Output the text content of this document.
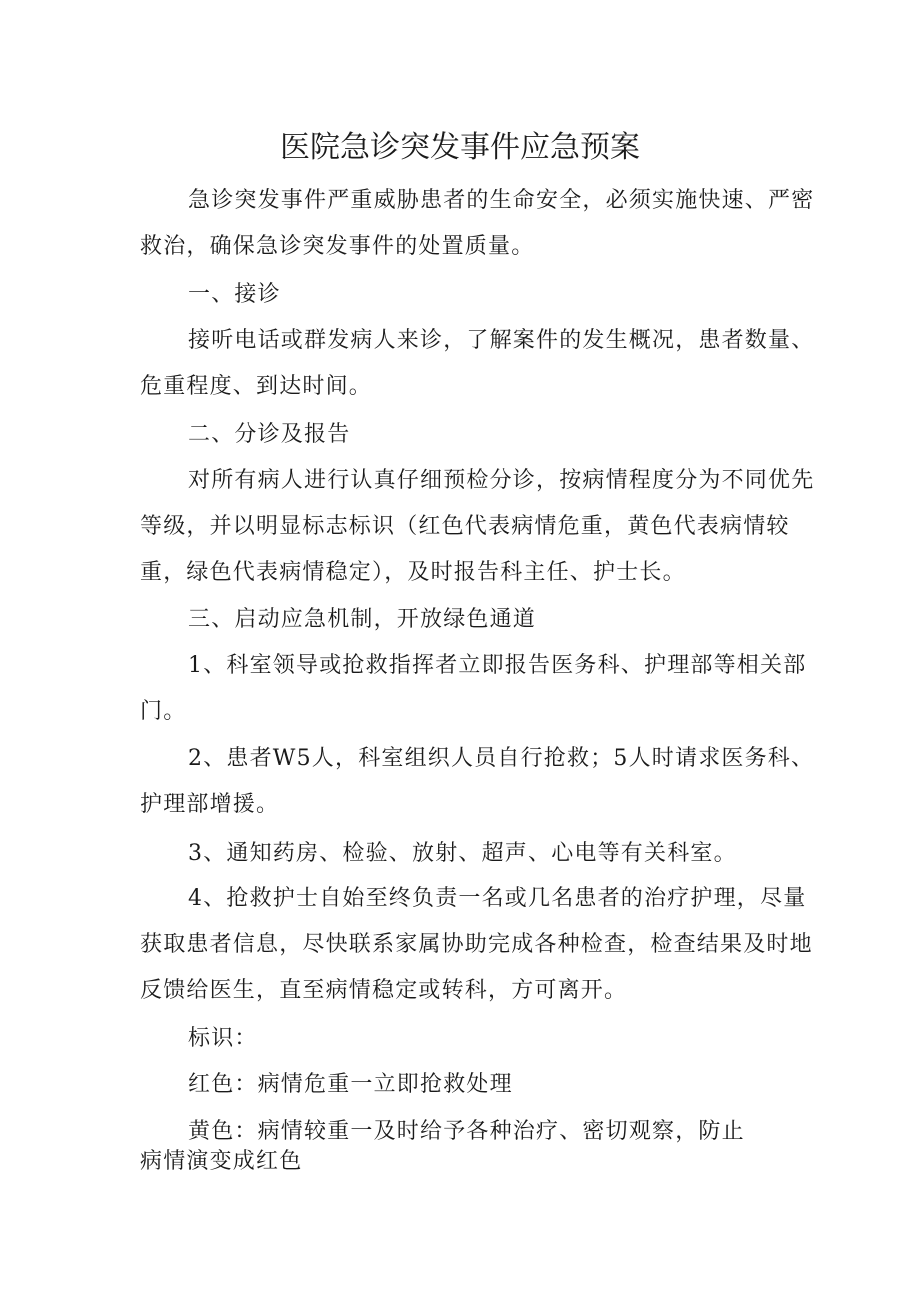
医院急诊突发事件应急预案
急诊突发事件严重威胁患者的生命安全，必须实施快速、严密救治，确保急诊突发事件的处置质量。
一、接诊
接听电话或群发病人来诊，了解案件的发生概况，患者数量、危重程度、到达时间。
二、分诊及报告
对所有病人进行认真仔细预检分诊，按病情程度分为不同优先等级，并以明显标志标识（红色代表病情危重，黄色代表病情较重，绿色代表病情稳定），及时报告科主任、护士长。
三、启动应急机制，开放绿色通道
1、科室领导或抢救指挥者立即报告医务科、护理部等相关部门。
2、患者W5人，科室组织人员自行抢救；5人时请求医务科、护理部增援。
3、通知药房、检验、放射、超声、心电等有关科室。
4、抢救护士自始至终负责一名或几名患者的治疗护理，尽量获取患者信息，尽快联系家属协助完成各种检查，检查结果及时地反馈给医生，直至病情稳定或转科，方可离开。
标识：
红色：病情危重一立即抢救处理
黄色：病情较重一及时给予各种治疗、密切观察，防止
病情演变成红色
